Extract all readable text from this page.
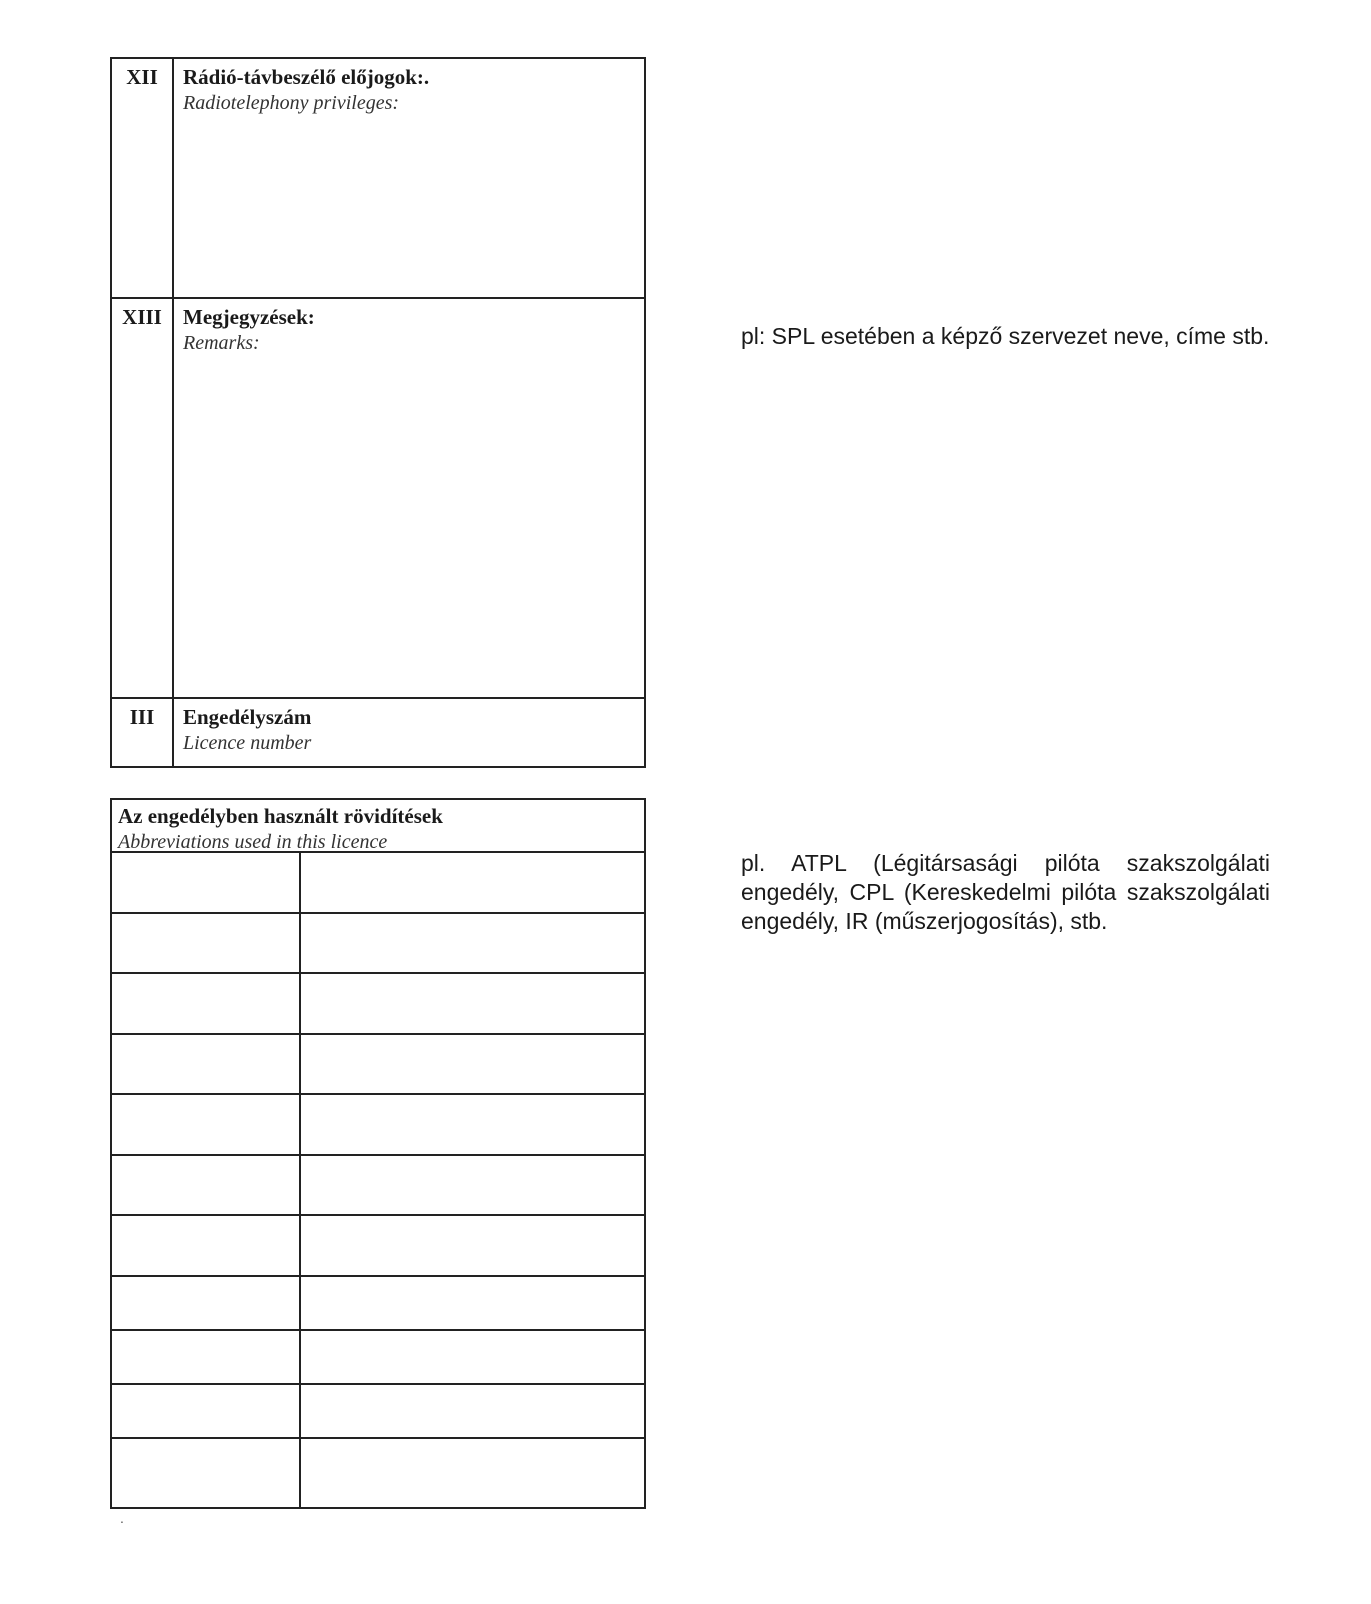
XII	Rádió-távbeszélő előjogok:.
Radiotelephony privileges:
XIII	Megjegyzések:
Remarks:
III	Engedélyszám
Licence number
Az engedélyben használt rövidítések
Abbreviations used in this licence
pl: SPL esetében a képző szervezet neve, címe stb.
pl. ATPL (Légitársasági pilóta szakszolgálati engedély, CPL (Kereskedelmi pilóta szakszolgálati engedély, IR (műszerjogosítás), stb.
.
